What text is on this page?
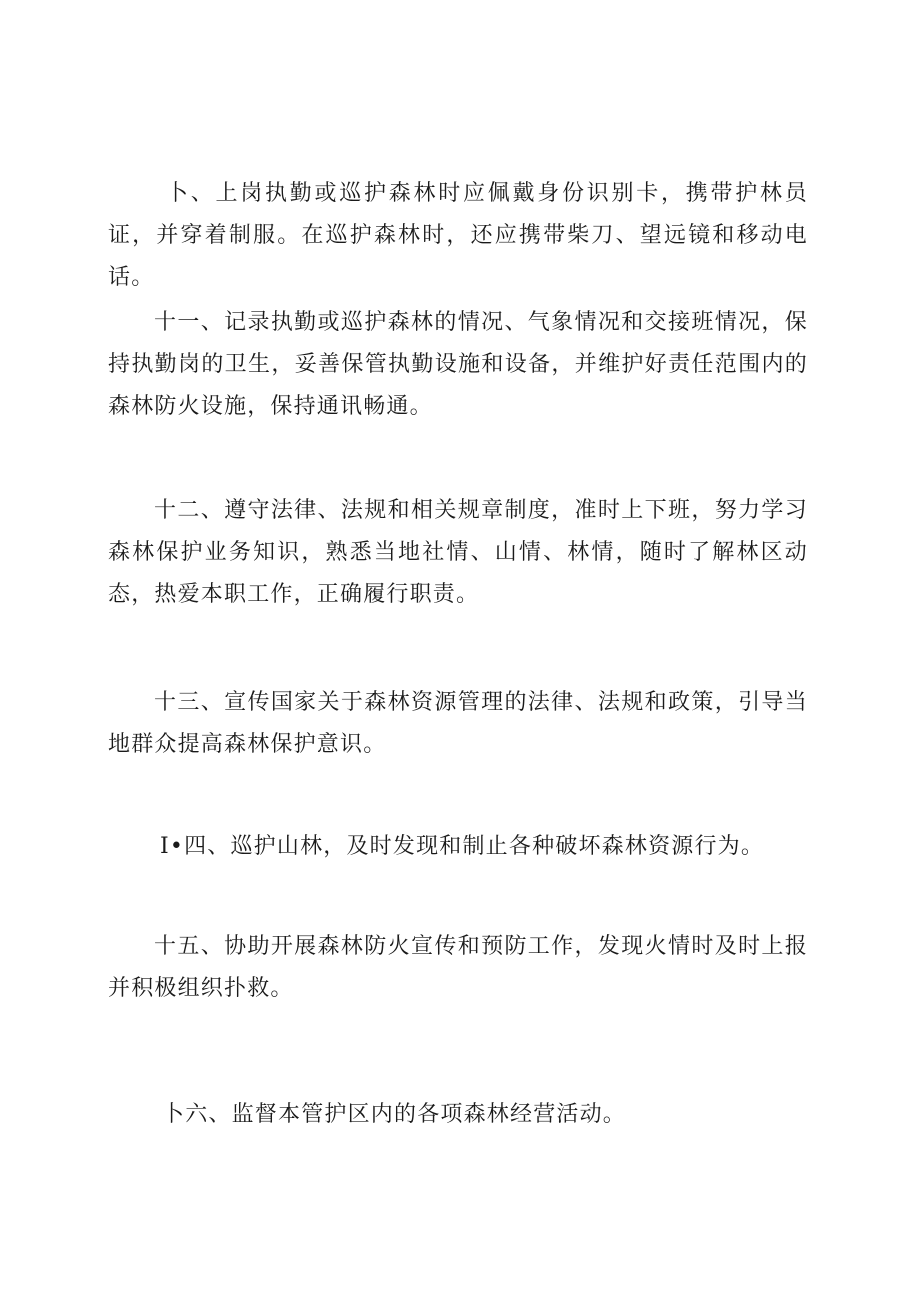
卜、上岗执勤或巡护森林时应佩戴身份识别卡，携带护林员证，并穿着制服。在巡护森林时，还应携带柴刀、望远镜和移动电话。

十一、记录执勤或巡护森林的情况、气象情况和交接班情况，保持执勤岗的卫生，妥善保管执勤设施和设备，并维护好责任范围内的森林防火设施，保持通讯畅通。

十二、遵守法律、法规和相关规章制度，准时上下班，努力学习森林保护业务知识，熟悉当地社情、山情、林情，随时了解林区动态，热爱本职工作，正确履行职责。

十三、宣传国家关于森林资源管理的法律、法规和政策，引导当地群众提高森林保护意识。

I•四、巡护山林，及时发现和制止各种破坏森林资源行为。

十五、协助开展森林防火宣传和预防工作，发现火情时及时上报并积极组织扑救。

卜六、监督本管护区内的各项森林经营活动。
